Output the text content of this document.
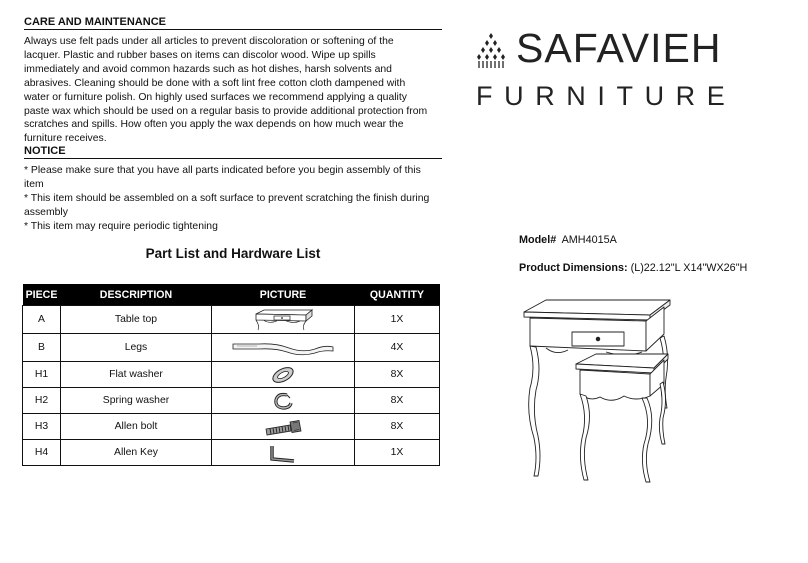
CARE AND MAINTENANCE

Always use felt pads under all articles to prevent discoloration or softening of the

lacquer. Plastic and rubber bases on items can discolor wood. Wipe up spills

immediately and avoid common hazards such as hot dishes, harsh solvents and

abrasives. Cleaning should be done with a soft lint free cotton cloth dampened with

water or furniture polish. On highly used surfaces we recommend applying a quality

paste wax which should be used on a regular basis to provide additional protection from

scratches and spills. How often you apply the wax depends on how much wear the

furniture receives.

NOTICE

* Please make sure that you have all parts indicated before you begin assembly of this

item

* This item should be assembled on a soft surface to prevent scratching the finish during

assembly

* This item may require periodic tightening

Part List and Hardware List
PIECE	DESCRIPTION	PICTURE	QUANTITY
A	Table top		1X
B	Legs		4X
H1	Flat washer		8X
H2	Spring washer		8X
H3	Allen bolt		8X
H4	Allen Key		1X
SAFAVIEH
FURNITURE
Model# AMH4015A
Product Dimensions: (L)22.12"L X14"WX26"H
